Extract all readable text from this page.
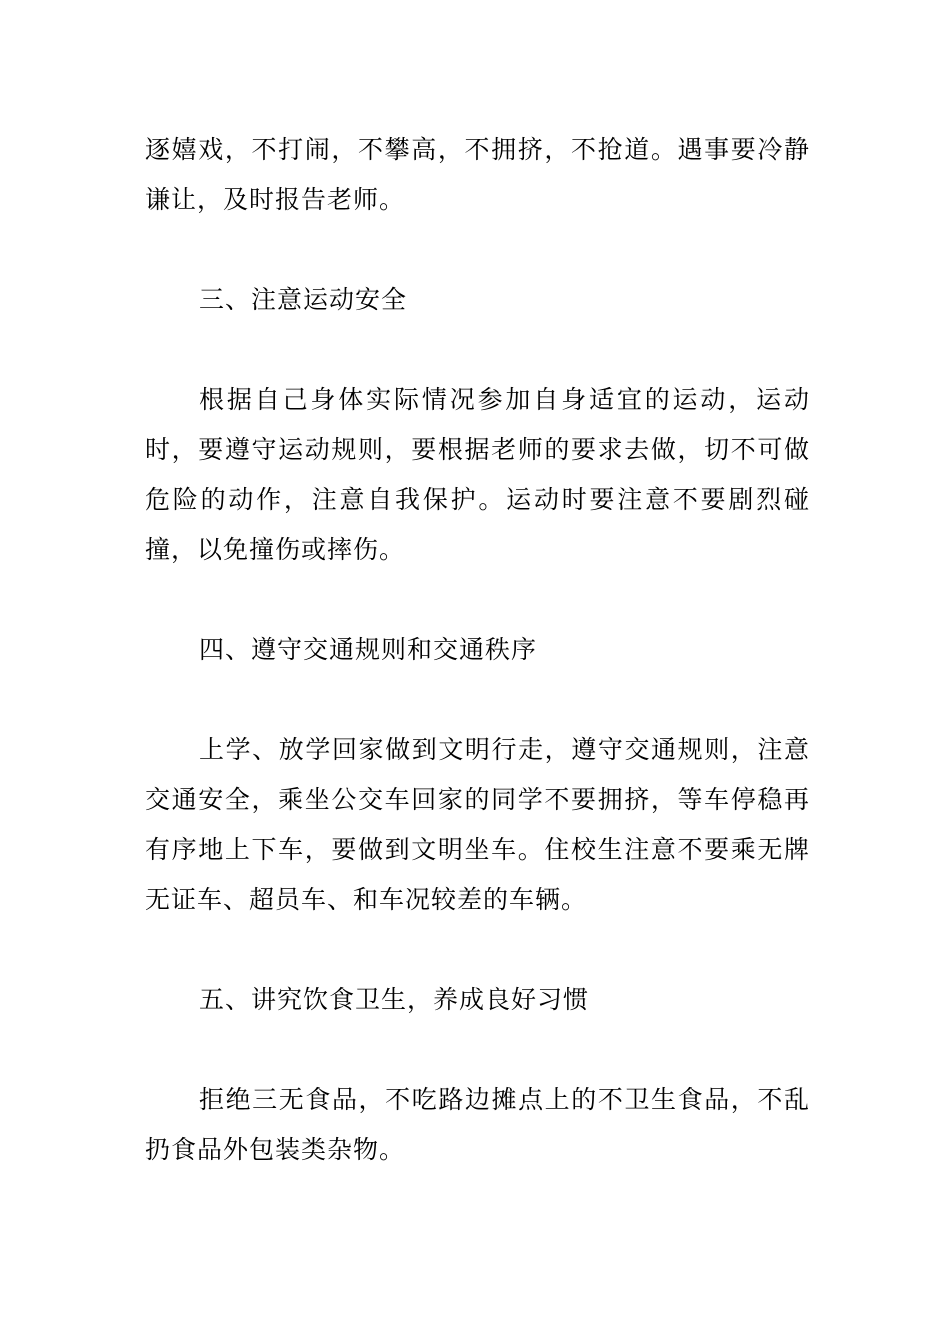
逐嬉戏，不打闹，不攀高，不拥挤，不抢道。遇事要冷静谦让，及时报告老师。

三、注意运动安全

根据自己身体实际情况参加自身适宜的运动，运动时，要遵守运动规则，要根据老师的要求去做，切不可做危险的动作，注意自我保护。运动时要注意不要剧烈碰撞，以免撞伤或摔伤。

四、遵守交通规则和交通秩序

上学、放学回家做到文明行走，遵守交通规则，注意交通安全，乘坐公交车回家的同学不要拥挤，等车停稳再有序地上下车，要做到文明坐车。住校生注意不要乘无牌无证车、超员车、和车况较差的车辆。

五、讲究饮食卫生，养成良好习惯

拒绝三无食品，不吃路边摊点上的不卫生食品，不乱扔食品外包装类杂物。
